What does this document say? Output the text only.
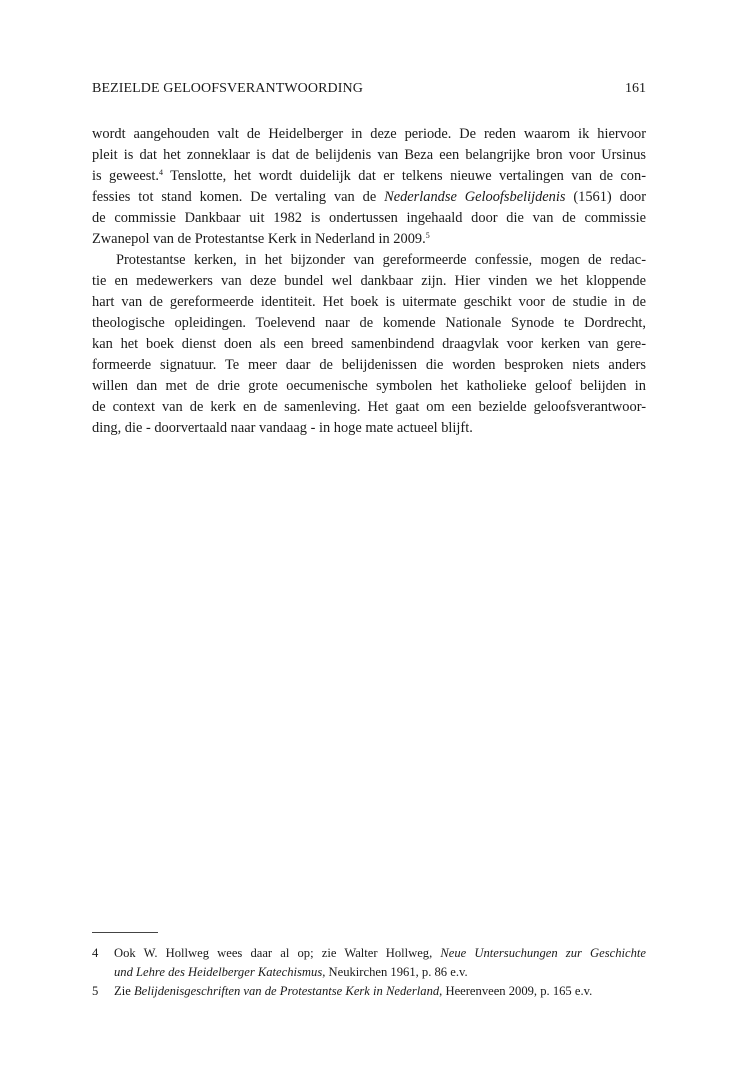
BEZIELDE GELOOFSVERANTWOORDING	161
wordt aangehouden valt de Heidelberger in deze periode. De reden waarom ik hiervoor
pleit is dat het zonneklaar is dat de belijdenis van Beza een belangrijke bron voor Ursinus
is geweest.$^4$ Tenslotte, het wordt duidelijk dat er telkens nieuwe vertalingen van de con-
fessies tot stand komen. De vertaling van de Nederlandse Geloofsbelijdenis (1561) door
de commissie Dankbaar uit 1982 is ondertussen ingehaald door die van de commissie
Zwanepol van de Protestantse Kerk in Nederland in 2009.$^5$
Protestantse kerken, in het bijzonder van gereformeerde confessie, mogen de redac-
tie en medewerkers van deze bundel wel dankbaar zijn. Hier vinden we het kloppende
hart van de gereformeerde identiteit. Het boek is uitermate geschikt voor de studie in de
theologische opleidingen. Toelevend naar de komende Nationale Synode te Dordrecht,
kan het boek dienst doen als een breed samenbindend draagvlak voor kerken van gere-
formeerde signatuur. Te meer daar de belijdenissen die worden besproken niets anders
willen dan met de drie grote oecumenische symbolen het katholieke geloof belijden in
de context van de kerk en de samenleving. Het gaat om een bezielde geloofsverantwoor-
ding, die - doorvertaald naar vandaag - in hoge mate actueel blijft.
4 Ook W. Hollweg wees daar al op; zie Walter Hollweg, Neue Untersuchungen zur Geschichte
und Lehre des Heidelberger Katechismus, Neukirchen 1961, p. 86 e.v.
5 Zie Belijdenisgeschriften van de Protestantse Kerk in Nederland, Heerenveen 2009, p. 165 e.v.
